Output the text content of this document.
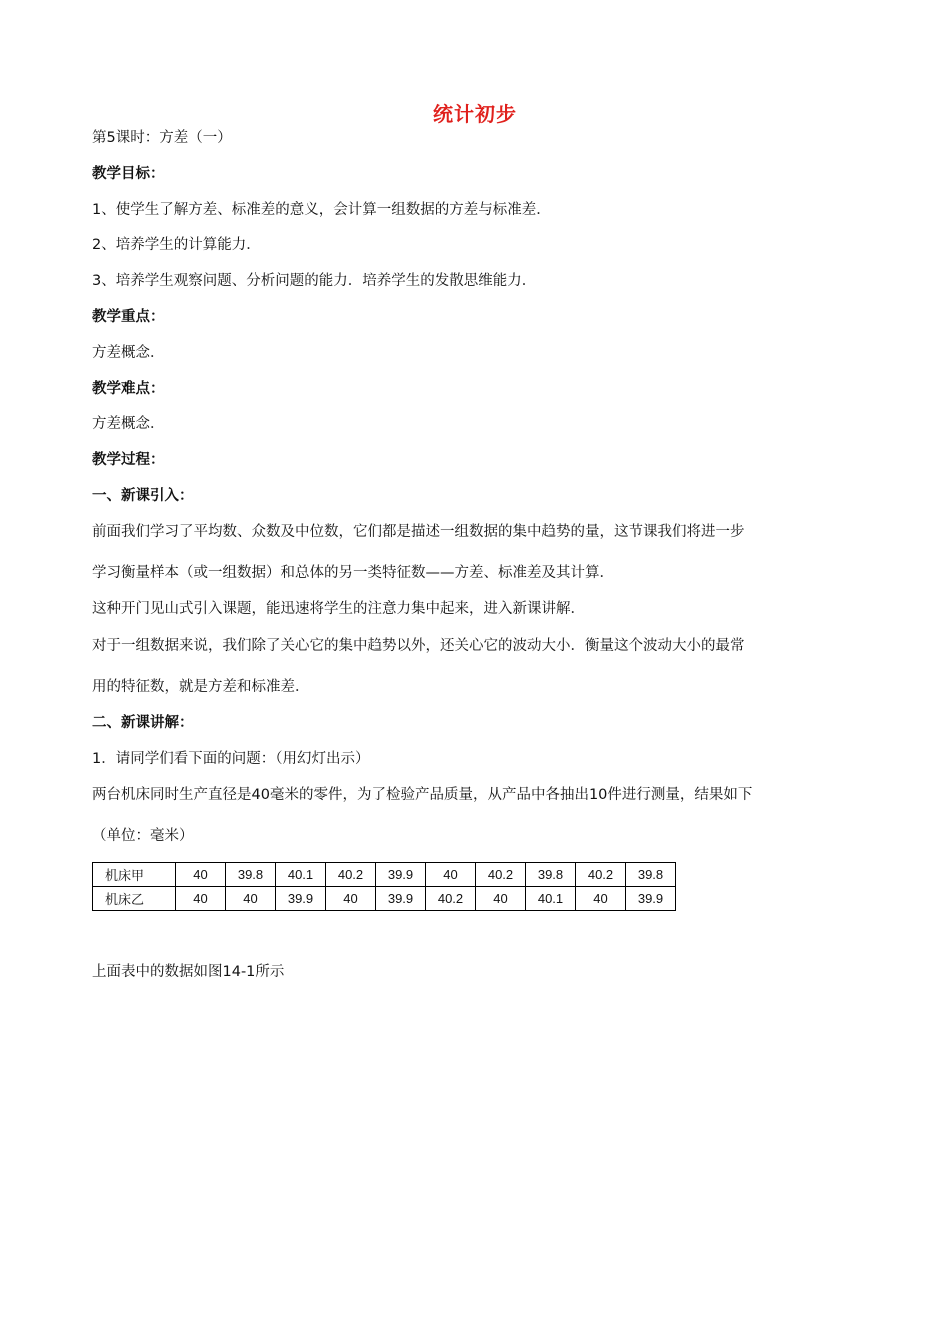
统计初步
第5课时：方差（一）
教学目标：
1、使学生了解方差、标准差的意义，会计算一组数据的方差与标准差．
2、培养学生的计算能力．
3、培养学生观察问题、分析问题的能力．培养学生的发散思维能力．
教学重点：
方差概念．
教学难点：
方差概念．
教学过程：
一、新课引入：
前面我们学习了平均数、众数及中位数，它们都是描述一组数据的集中趋势的量，这节课我们将进一步
学习衡量样本（或一组数据）和总体的另一类特征数——方差、标准差及其计算．
这种开门见山式引入课题，能迅速将学生的注意力集中起来，进入新课讲解．
对于一组数据来说，我们除了关心它的集中趋势以外，还关心它的波动大小．衡量这个波动大小的最常
用的特征数，就是方差和标准差．
二、新课讲解：
1．请同学们看下面的问题：（用幻灯出示）
两台机床同时生产直径是40毫米的零件，为了检验产品质量，从产品中各抽出10件进行测量，结果如下
（单位：毫米）
机床甲	40	39.8	40.1	40.2	39.9	40	40.2	39.8	40.2	39.8
机床乙	40	40	39.9	40	39.9	40.2	40	40.1	40	39.9
上面表中的数据如图14-1所示
